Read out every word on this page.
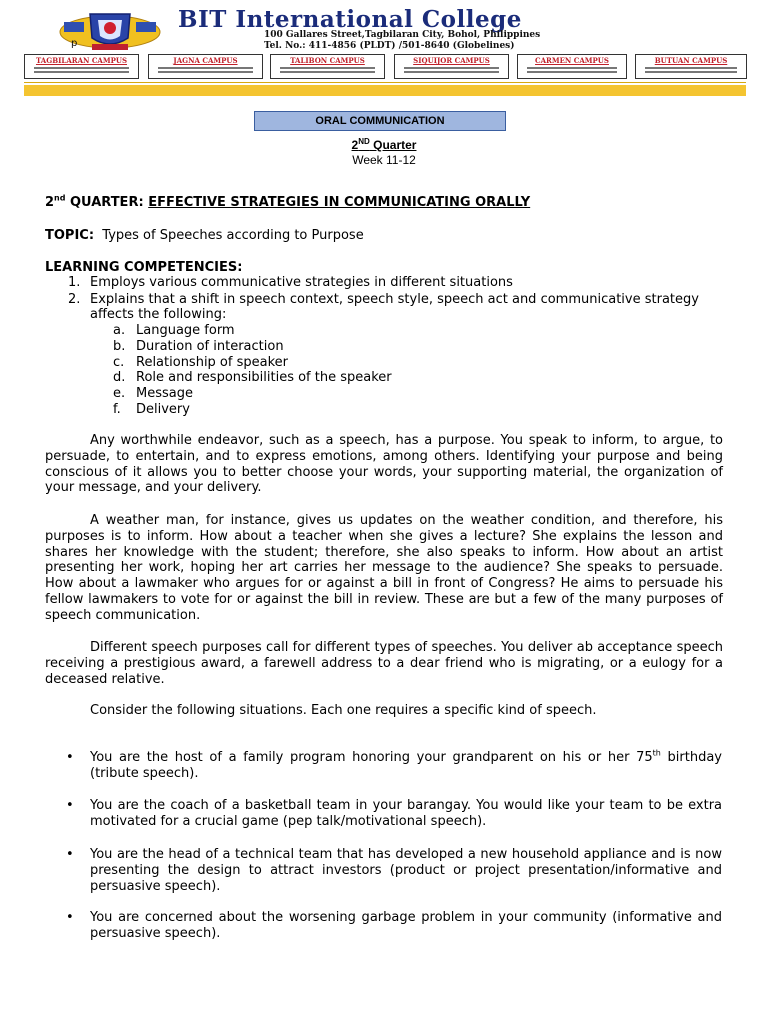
BIT International College
100 Gallares Street,Tagbilaran City, Bohol, Philippines
Tel. No.: 411-4856 (PLDT) /501-8640 (Globelines)
p
TAGBILARAN CAMPUS	JAGNA CAMPUS	TALIBON CAMPUS	SIQUIJOR CAMPUS	CARMEN CAMPUS	BUTUAN CAMPUS
ORAL COMMUNICATION
2ND Quarter
Week 11-12
2nd QUARTER: EFFECTIVE STRATEGIES IN COMMUNICATING ORALLY
TOPIC:  Types of Speeches according to Purpose
LEARNING COMPETENCIES:
1. Employs various communicative strategies in different situations
2. Explains that a shift in speech context, speech style, speech act and communicative strategy
affects the following:
a. Language form
b. Duration of interaction
c. Relationship of speaker
d. Role and responsibilities of the speaker
e. Message
f. Delivery
Any worthwhile endeavor, such as a speech, has a purpose. You speak to inform, to argue, to persuade, to entertain, and to express emotions, among others. Identifying your purpose and being conscious of it allows you to better choose your words, your supporting material, the organization of your message, and your delivery.
A weather man, for instance, gives us updates on the weather condition, and therefore, his purposes is to inform. How about a teacher when she gives a lecture? She explains the lesson and shares her knowledge with the student; therefore, she also speaks to inform. How about an artist presenting her work, hoping her art carries her message to the audience? She speaks to persuade. How about a lawmaker who argues for or against a bill in front of Congress? He aims to persuade his fellow lawmakers to vote for or against the bill in review. These are but a few of the many purposes of speech communication.
Different speech purposes call for different types of speeches. You deliver ab acceptance speech receiving a prestigious award, a farewell address to a dear friend who is migrating, or a eulogy for a deceased relative.
Consider the following situations. Each one requires a specific kind of speech.
• You are the host of a family program honoring your grandparent on his or her 75th birthday (tribute speech).
• You are the coach of a basketball team in your barangay. You would like your team to be extra motivated for a crucial game (pep talk/motivational speech).
• You are the head of a technical team that has developed a new household appliance and is now presenting the design to attract investors (product or project presentation/informative and persuasive speech).
• You are concerned about the worsening garbage problem in your community (informative and persuasive speech).
